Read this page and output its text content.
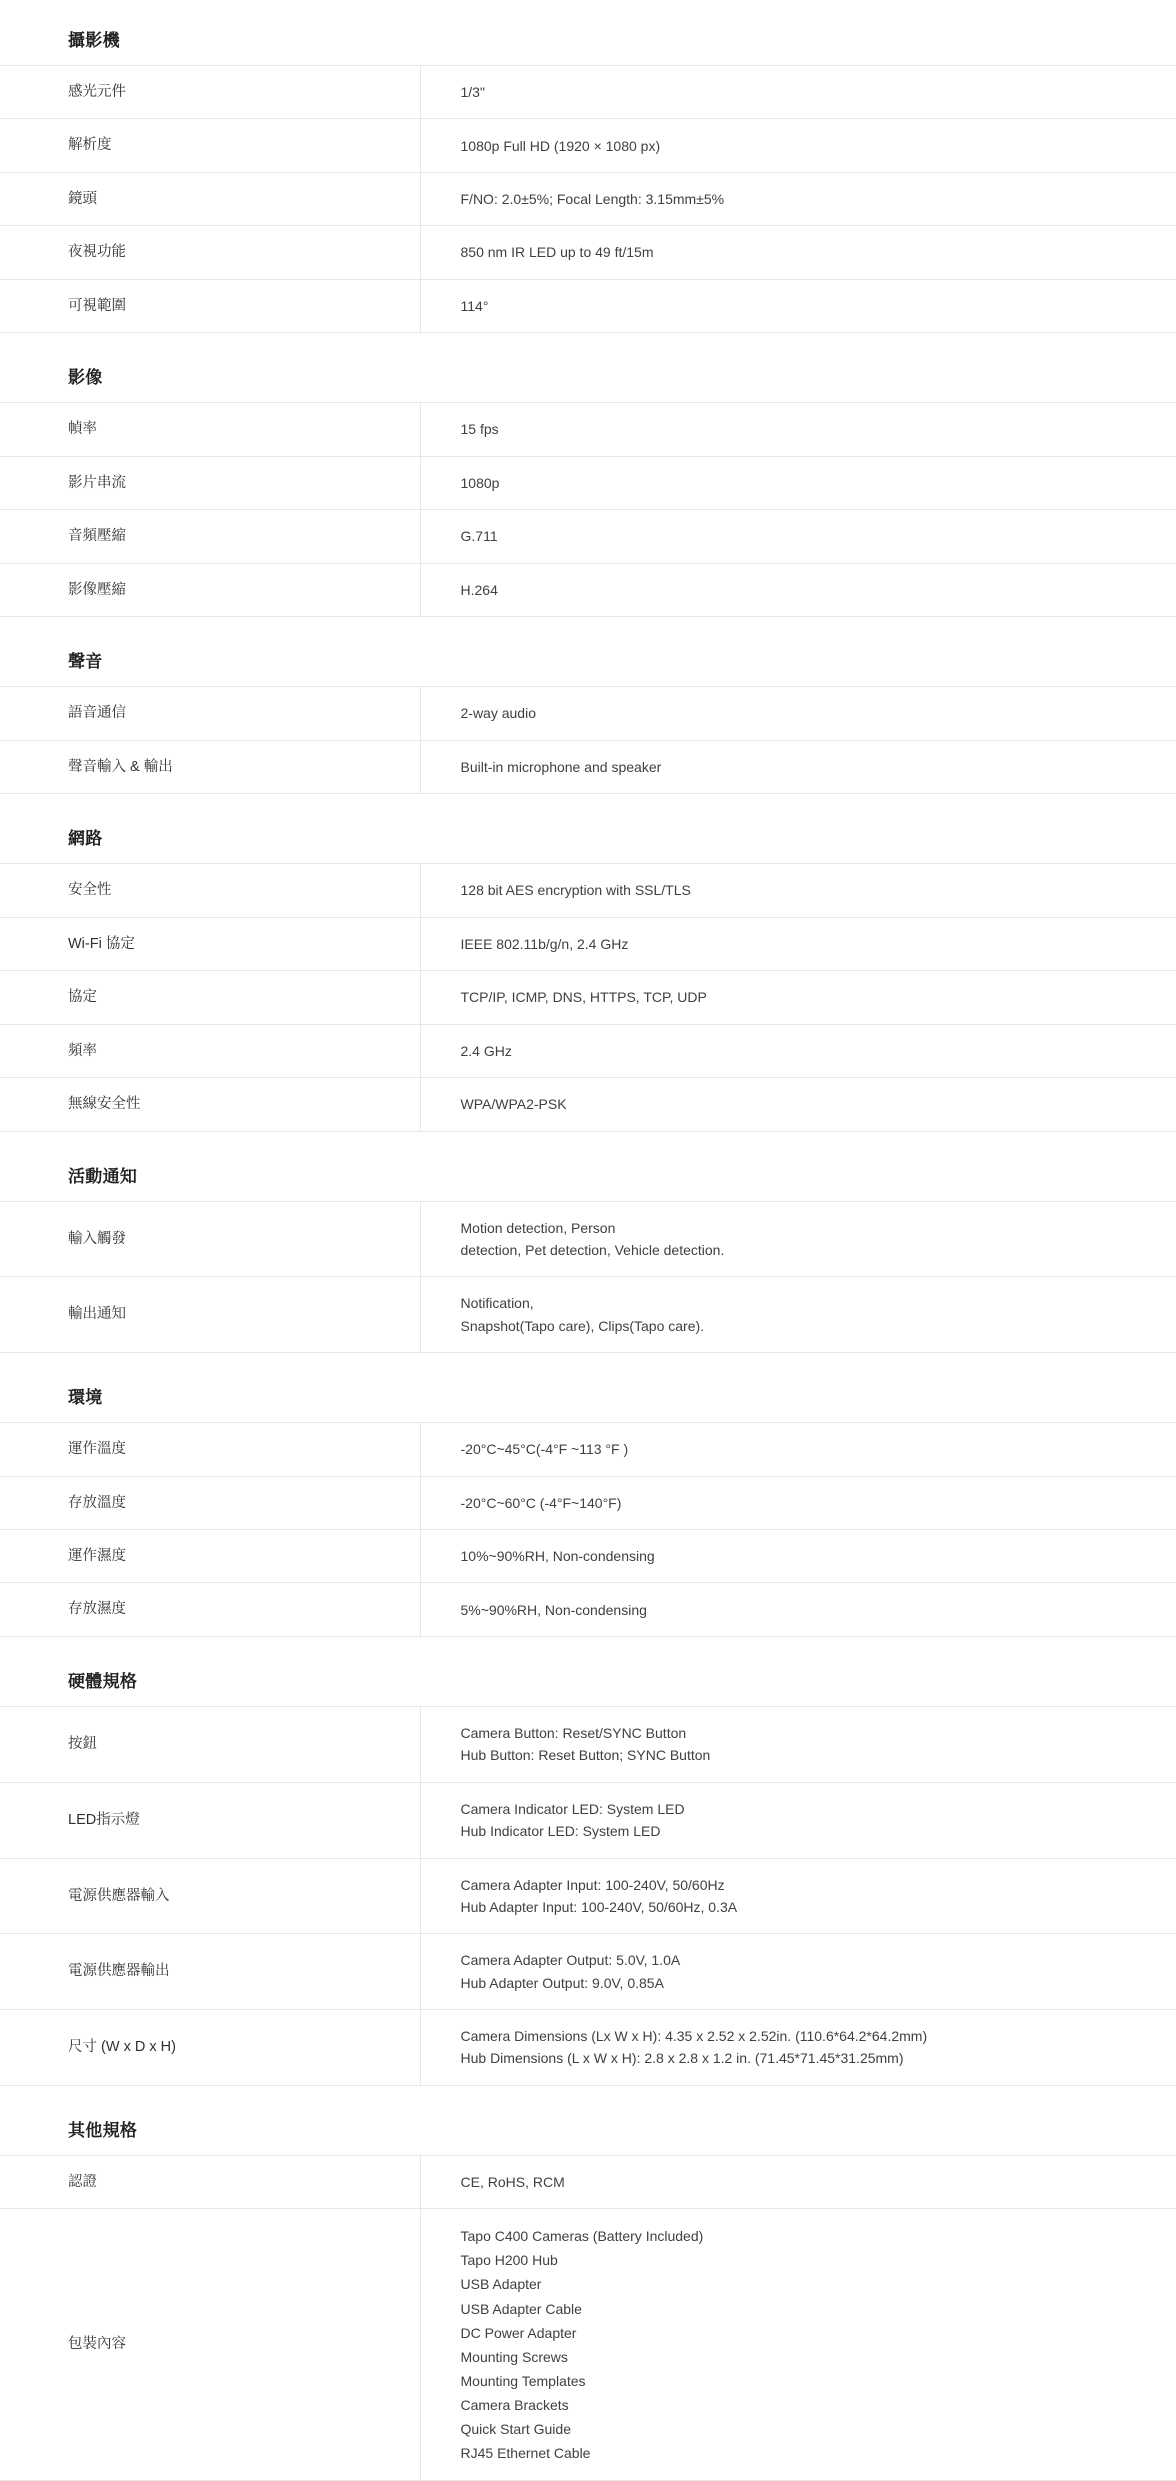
攝影機
感光元件	1/3"

解析度	1080p Full HD (1920 × 1080 px)

鏡頭	F/NO: 2.0±5%; Focal Length: 3.15mm±5%

夜視功能	850 nm IR LED up to 49 ft/15m

可視範圍	114°
影像
幀率	15 fps

影片串流	1080p

音頻壓縮	G.711

影像壓縮	H.264
聲音
語音通信	2-way audio

聲音輸入 & 輸出	Built-in microphone and speaker
網路
安全性	128 bit AES encryption with SSL/TLS

Wi-Fi 協定	IEEE 802.11b/g/n, 2.4 GHz

協定	TCP/IP, ICMP, DNS, HTTPS, TCP, UDP

頻率	2.4 GHz

無線安全性	WPA/WPA2-PSK
活動通知
輸入觸發	Motion detection, Person
detection, Pet detection, Vehicle detection.

輸出通知	Notification,
Snapshot(Tapo care), Clips(Tapo care).
環境
運作溫度	-20°C~45°C(-4°F ~113 °F )

存放溫度	-20°C~60°C (-4°F~140°F)

運作濕度	10%~90%RH, Non-condensing

存放濕度	5%~90%RH, Non-condensing
硬體規格
按鈕	Camera Button: Reset/SYNC Button
Hub Button: Reset Button; SYNC Button

LED指示燈	Camera Indicator LED: System LED
Hub Indicator LED: System LED

電源供應器輸入	Camera Adapter Input: 100-240V, 50/60Hz
Hub Adapter Input: 100-240V, 50/60Hz, 0.3A

電源供應器輸出	Camera Adapter Output: 5.0V, 1.0A
Hub Adapter Output: 9.0V, 0.85A

尺寸 (W x D x H)	Camera Dimensions (Lx W x H): 4.35 x 2.52 x 2.52in. (110.6*64.2*64.2mm)
Hub Dimensions (L x W x H): 2.8 x 2.8 x 1.2 in. (71.45*71.45*31.25mm)
其他規格
認證	CE, RoHS, RCM

包裝內容	
Tapo C400 Cameras (Battery Included)
Tapo H200 Hub
USB Adapter
USB Adapter Cable
DC Power Adapter
Mounting Screws
Mounting Templates
Camera Brackets
Quick Start Guide
RJ45 Ethernet Cable
